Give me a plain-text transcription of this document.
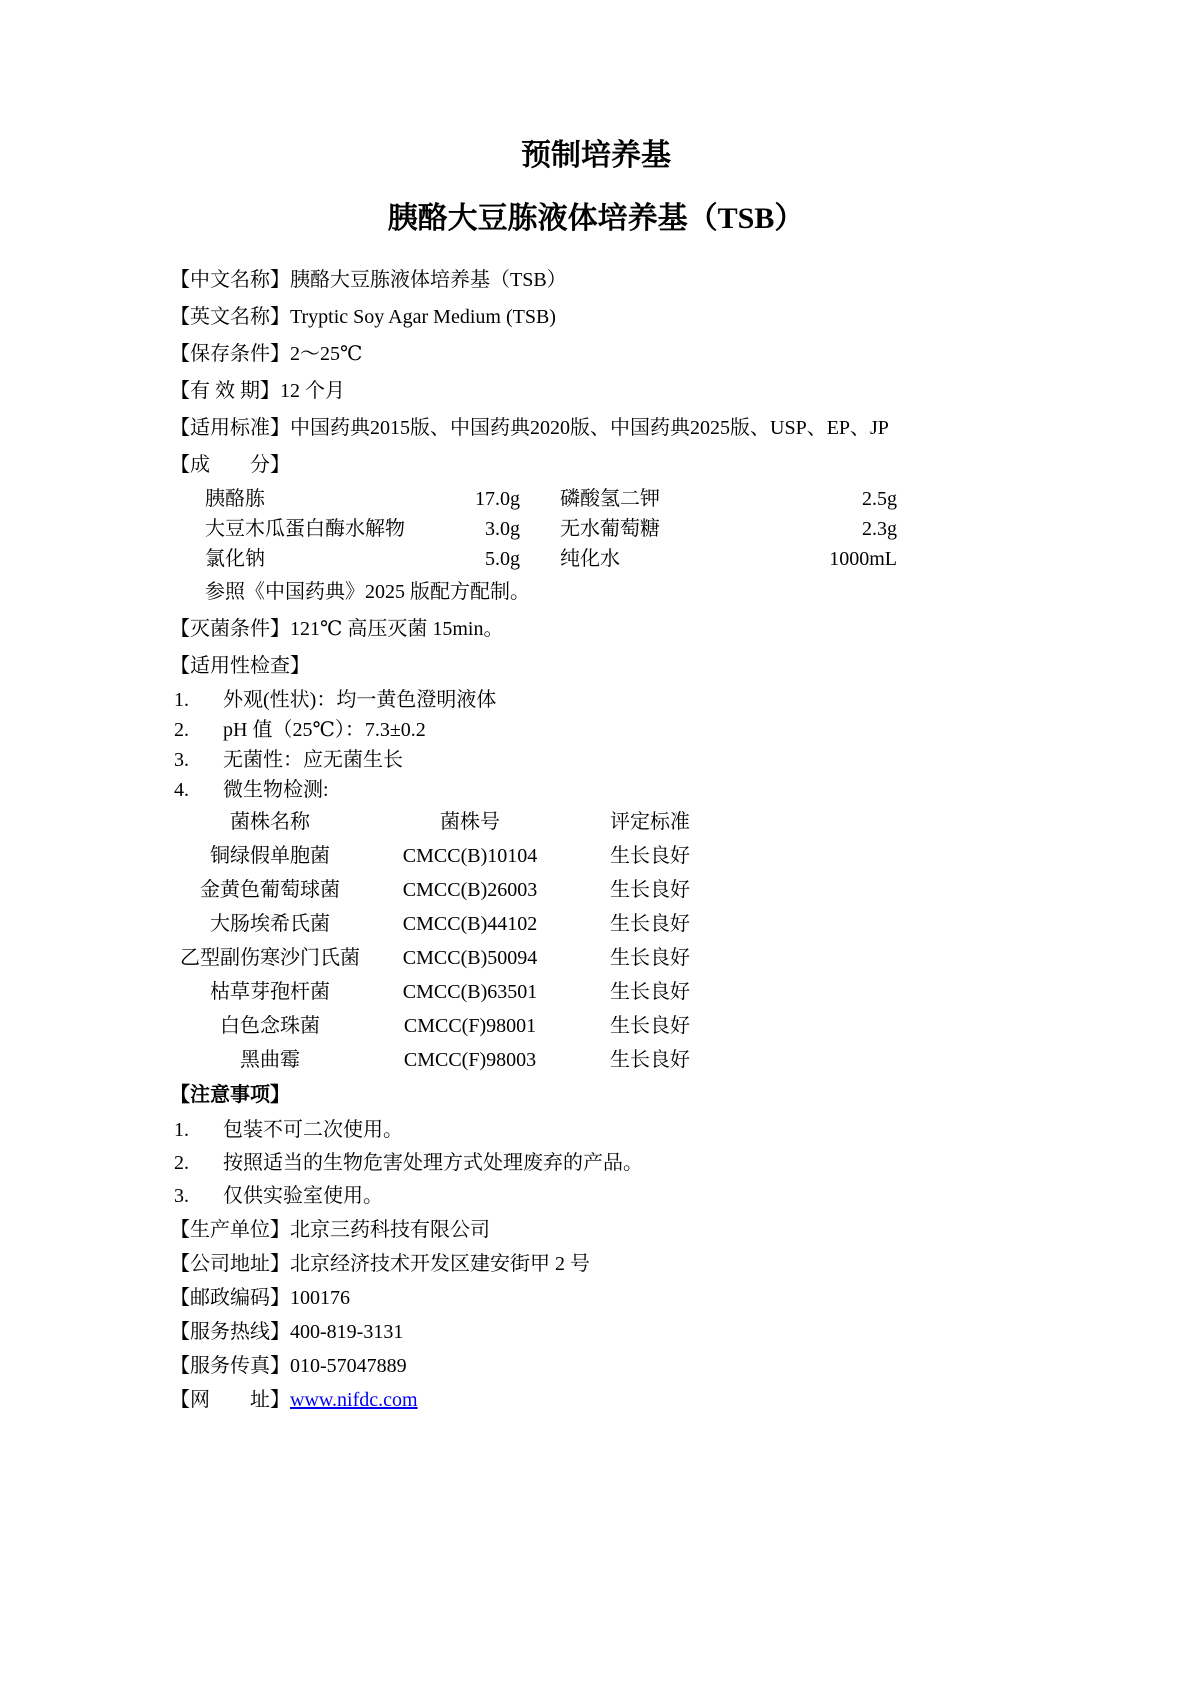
预制培养基
胰酪大豆胨液体培养基（TSB）
【中文名称】胰酪大豆胨液体培养基（TSB）
【英文名称】Tryptic Soy Agar Medium (TSB)
【保存条件】2～25℃
【有 效 期】12 个月
【适用标准】中国药典2015版、中国药典2020版、中国药典2025版、USP、EP、JP
【成　　分】
胰酪胨	17.0g 磷酸氢二钾	2.5g
大豆木瓜蛋白酶水解物	3.0g 无水葡萄糖	2.3g
氯化钠	5.0g 纯化水	1000mL
参照《中国药典》2025 版配方配制。
【灭菌条件】121℃ 高压灭菌 15min。
【适用性检查】
1.	外观(性状)：均一黄色澄明液体
2.	pH 值（25℃）：7.3±0.2
3.	无菌性：应无菌生长
4.	微生物检测:
菌株名称	菌株号	评定标准
铜绿假单胞菌	CMCC(B)10104	生长良好
金黄色葡萄球菌	CMCC(B)26003	生长良好
大肠埃希氏菌	CMCC(B)44102	生长良好
乙型副伤寒沙门氏菌	CMCC(B)50094	生长良好
枯草芽孢杆菌	CMCC(B)63501	生长良好
白色念珠菌	CMCC(F)98001	生长良好
黑曲霉	CMCC(F)98003	生长良好
【注意事项】
1.	包装不可二次使用。
2.	按照适当的生物危害处理方式处理废弃的产品。
3.	仅供实验室使用。
【生产单位】北京三药科技有限公司
【公司地址】北京经济技术开发区建安街甲 2 号
【邮政编码】100176
【服务热线】400-819-3131
【服务传真】010-57047889
【网　　址】www.nifdc.com
